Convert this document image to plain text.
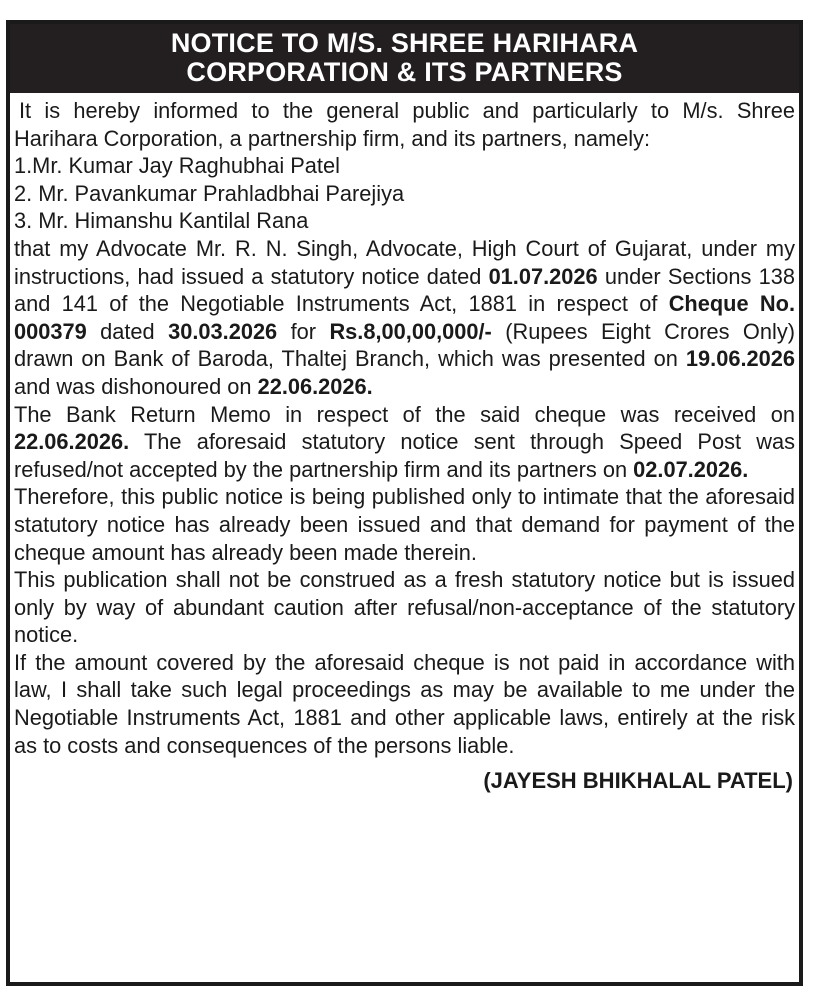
NOTICE TO M/S. SHREE HARIHARA
CORPORATION & ITS PARTNERS

It is hereby informed to the general public and particularly to M/s. Shree Harihara Corporation, a partnership firm, and its partners, namely:

1.Mr. Kumar Jay Raghubhai Patel
2. Mr. Pavankumar Prahladbhai Parejiya
3. Mr. Himanshu Kantilal Rana

that my Advocate Mr. R. N. Singh, Advocate, High Court of Gujarat, under my instructions, had issued a statutory notice dated 01.07.2026 under Sections 138 and 141 of the Negotiable Instruments Act, 1881 in respect of Cheque No. 000379 dated 30.03.2026 for Rs.8,00,00,000/- (Rupees Eight Crores Only) drawn on Bank of Baroda, Thaltej Branch, which was presented on 19.06.2026 and was dishonoured on 22.06.2026.

The Bank Return Memo in respect of the said cheque was received on 22.06.2026. The aforesaid statutory notice sent through Speed Post was refused/not accepted by the partnership firm and its partners on 02.07.2026.

Therefore, this public notice is being published only to intimate that the aforesaid statutory notice has already been issued and that demand for payment of the cheque amount has already been made therein.

This publication shall not be construed as a fresh statutory notice but is issued only by way of abundant caution after refusal/non-acceptance of the statutory notice.

If the amount covered by the aforesaid cheque is not paid in accordance with law, I shall take such legal proceedings as may be available to me under the Negotiable Instruments Act, 1881 and other applicable laws, entirely at the risk as to costs and consequences of the persons liable.

(JAYESH BHIKHALAL PATEL)
